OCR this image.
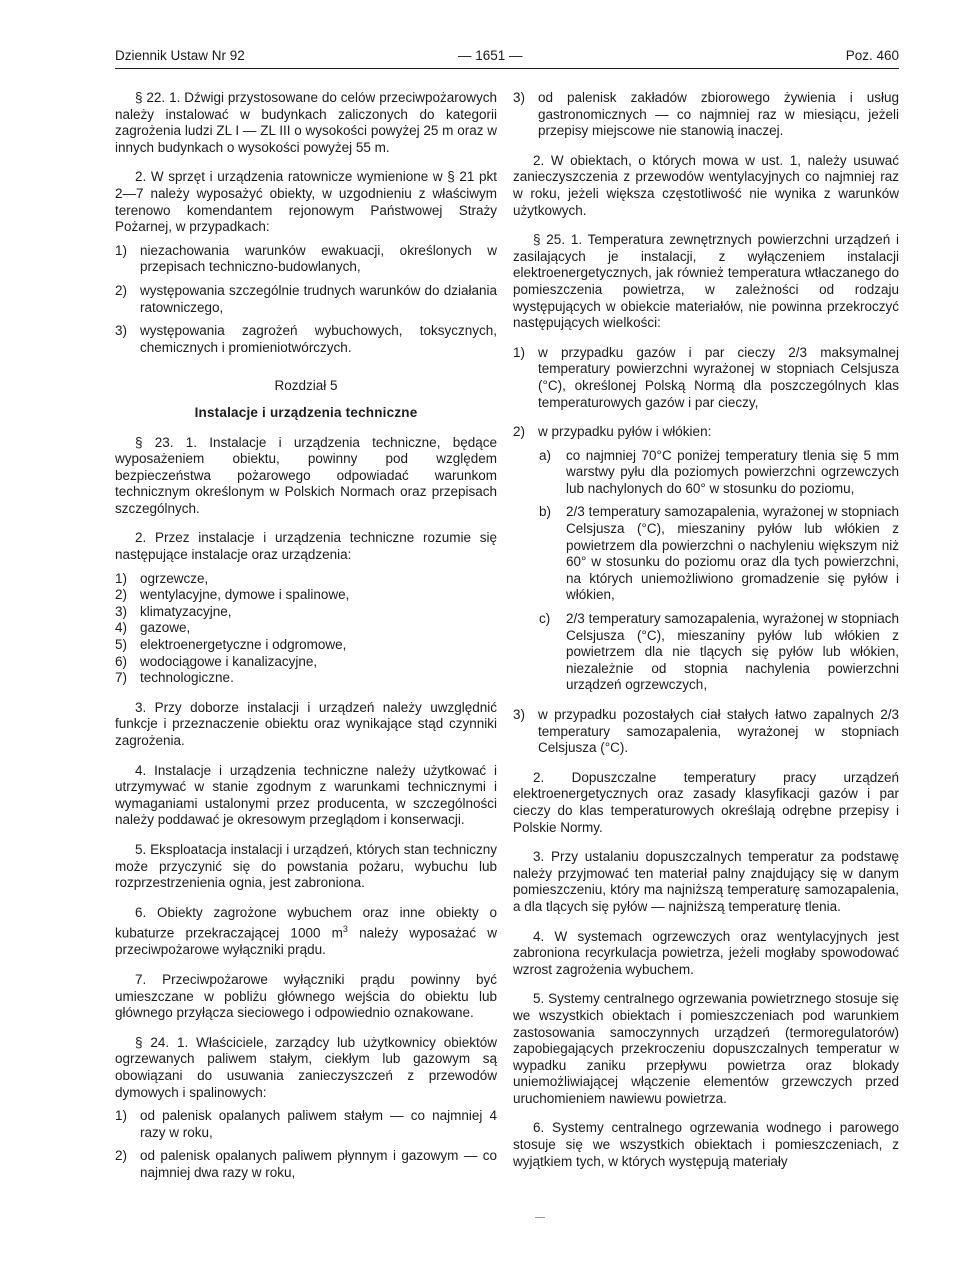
Dziennik Ustaw Nr 92	— 1651 —	Poz. 460

§ 22. 1. Dźwigi przystosowane do celów przeciwpożarowych należy instalować w budynkach zaliczonych do kategorii zagrożenia ludzi ZL I — ZL III o wysokości powyżej 25 m oraz w innych budynkach o wysokości powyżej 55 m.

2. W sprzęt i urządzenia ratownicze wymienione w § 21 pkt 2—7 należy wyposażyć obiekty, w uzgodnieniu z właściwym terenowo komendantem rejonowym Państwowej Straży Pożarnej, w przypadkach:

1) niezachowania warunków ewakuacji, określonych w przepisach techniczno-budowlanych,
2) występowania szczególnie trudnych warunków do działania ratowniczego,
3) występowania zagrożeń wybuchowych, toksycznych, chemicznych i promieniotwórczych.
Rozdział 5
Instalacje i urządzenia techniczne

§ 23. 1. Instalacje i urządzenia techniczne, będące wyposażeniem obiektu, powinny pod względem bezpieczeństwa pożarowego odpowiadać warunkom technicznym określonym w Polskich Normach oraz przepisach szczególnych.

2. Przez instalacje i urządzenia techniczne rozumie się następujące instalacje oraz urządzenia:

1) ogrzewcze,
2) wentylacyjne, dymowe i spalinowe,
3) klimatyzacyjne,
4) gazowe,
5) elektroenergetyczne i odgromowe,
6) wodociągowe i kanalizacyjne,
7) technologiczne.

3. Przy doborze instalacji i urządzeń należy uwzględnić funkcje i przeznaczenie obiektu oraz wynikające stąd czynniki zagrożenia.

4. Instalacje i urządzenia techniczne należy użytkować i utrzymywać w stanie zgodnym z warunkami technicznymi i wymaganiami ustalonymi przez producenta, w szczególności należy poddawać je okresowym przeglądom i konserwacji.

5. Eksploatacja instalacji i urządzeń, których stan techniczny może przyczynić się do powstania pożaru, wybuchu lub rozprzestrzenienia ognia, jest zabroniona.

6. Obiekty zagrożone wybuchem oraz inne obiekty o kubaturze przekraczającej 1000 $m^3$ należy wyposażać w przeciwpożarowe wyłączniki prądu.

7. Przeciwpożarowe wyłączniki prądu powinny być umieszczane w pobliżu głównego wejścia do obiektu lub głównego przyłącza sieciowego i odpowiednio oznakowane.

§ 24. 1. Właściciele, zarządcy lub użytkownicy obiektów ogrzewanych paliwem stałym, ciekłym lub gazowym są obowiązani do usuwania zanieczyszczeń z przewodów dymowych i spalinowych:

1) od palenisk opalanych paliwem stałym — co najmniej 4 razy w roku,
2) od palenisk opalanych paliwem płynnym i gazowym — co najmniej dwa razy w roku,
3) od palenisk zakładów zbiorowego żywienia i usług gastronomicznych — co najmniej raz w miesiącu, jeżeli przepisy miejscowe nie stanowią inaczej.

2. W obiektach, o których mowa w ust. 1, należy usuwać zanieczyszczenia z przewodów wentylacyjnych co najmniej raz w roku, jeżeli większa częstotliwość nie wynika z warunków użytkowych.

§ 25. 1. Temperatura zewnętrznych powierzchni urządzeń i zasilających je instalacji, z wyłączeniem instalacji elektroenergetycznych, jak również temperatura wtłaczanego do pomieszczenia powietrza, w zależności od rodzaju występujących w obiekcie materiałów, nie powinna przekroczyć następujących wielkości:

1) w przypadku gazów i par cieczy 2/3 maksymalnej temperatury powierzchni wyrażonej w stopniach Celsjusza (°C), określonej Polską Normą dla poszczególnych klas temperaturowych gazów i par cieczy,
2) w przypadku pyłów i włókien:
a) co najmniej 70°C poniżej temperatury tlenia się 5 mm warstwy pyłu dla poziomych powierzchni ogrzewczych lub nachylonych do 60° w stosunku do poziomu,
b) 2/3 temperatury samozapalenia, wyrażonej w stopniach Celsjusza (°C), mieszaniny pyłów lub włókien z powietrzem dla powierzchni o nachyleniu większym niż 60° w stosunku do poziomu oraz dla tych powierzchni, na których uniemożliwiono gromadzenie się pyłów i włókien,
c) 2/3 temperatury samozapalenia, wyrażonej w stopniach Celsjusza (°C), mieszaniny pyłów lub włókien z powietrzem dla nie tlących się pyłów lub włókien, niezależnie od stopnia nachylenia powierzchni urządzeń ogrzewczych,
3) w przypadku pozostałych ciał stałych łatwo zapalnych 2/3 temperatury samozapalenia, wyrażonej w stopniach Celsjusza (°C).

2. Dopuszczalne temperatury pracy urządzeń elektroenergetycznych oraz zasady klasyfikacji gazów i par cieczy do klas temperaturowych określają odrębne przepisy i Polskie Normy.

3. Przy ustalaniu dopuszczalnych temperatur za podstawę należy przyjmować ten materiał palny znajdujący się w danym pomieszczeniu, który ma najniższą temperaturę samozapalenia, a dla tlących się pyłów — najniższą temperaturę tlenia.

4. W systemach ogrzewczych oraz wentylacyjnych jest zabroniona recyrkulacja powietrza, jeżeli mogłaby spowodować wzrost zagrożenia wybuchem.

5. Systemy centralnego ogrzewania powietrznego stosuje się we wszystkich obiektach i pomieszczeniach pod warunkiem zastosowania samoczynnych urządzeń (termoregulatorów) zapobiegających przekroczeniu dopuszczalnych temperatur w wypadku zaniku przepływu powietrza oraz blokady uniemożliwiającej włączenie elementów grzewczych przed uruchomieniem nawiewu powietrza.

6. Systemy centralnego ogrzewania wodnego i parowego stosuje się we wszystkich obiektach i pomieszczeniach, z wyjątkiem tych, w których występują materiały
